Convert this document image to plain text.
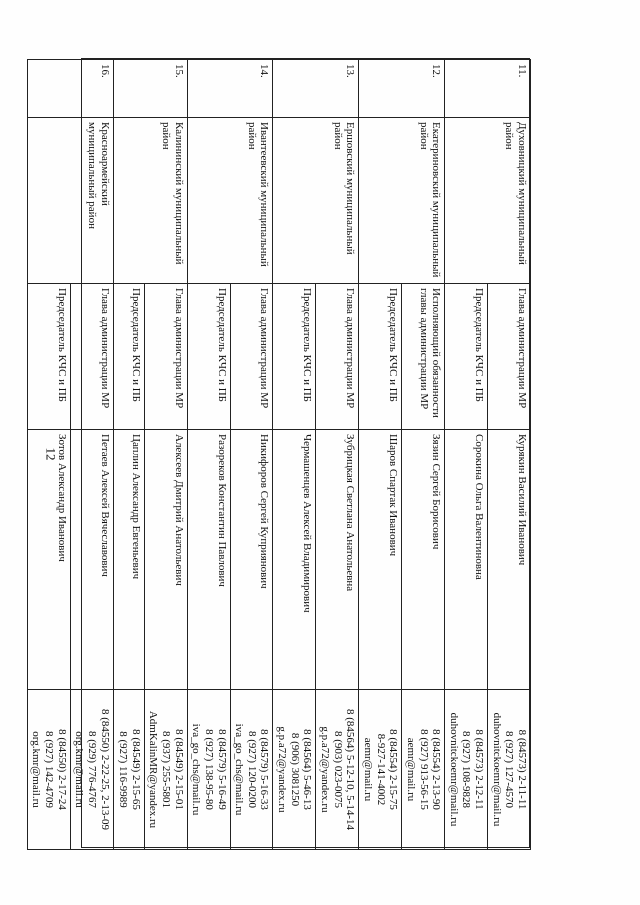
12
11.	Духовницкий муниципальный район	Глава администрации МР	Курякин Василий Иванович	8 (84573) 2-11-11
8 (927) 127-4570
duhovnitckoemr@mail.ru

		Председатель КЧС и ПБ	Сорокина Ольга Валентиновна	8 (84573) 2-12-11
8 (927) 108-9828
duhovnitckoemr@mail.ru

12.	Екатериновский муниципальный район	Исполняющий обязанности главы администрации МР	Зязин Сергей Борисович	8 (84554) 2-13-90
8 (927) 913-56-15
aemr@mail.ru

		Председатель КЧС и ПБ	Шаров Спартак Иванович	8 (84554) 2-15-75
8-927-141-4002
aemr@mail.ru

13.	Ершовский муниципальный район	Глава администрации МР	Зубрицкая Светлана Анатольевна	8 (84564) 5-12-10, 5-14-14
8 (903) 023-0075
g.p.a72@yandex.ru

		Председатель КЧС и ПБ	Чермашенцев Алексей Владимирович	8 (84564) 5-46-13
8 (906) 3081250
g.p.a72@yandex.ru

14.	Ивантеевский муниципальный район	Глава администрации МР	Никифоров Сергей Куприянович	8 (84579) 5-16-33
8 (927) 120-0200
iva_go_chs@mail.ru

		Председатель КЧС и ПБ	Разореков Константин Павлович	8 (84579) 5-16-49
8 (927) 138-95-80
iva_go_chs@mail.ru

15.	Калининский муниципальный район	Глава администрации МР	Алексеев Дмитрий Анатольевич	8 (84549) 2-15-01
8 (937) 255-5801
AdmKalinMR@yandex.ru

		Председатель КЧС и ПБ	Цаплин Александр Евгеньевич	8 (84549) 2-15-65
8 (927) 116-9989

16.	Красноармейский муниципальный район	Глава администрации МР	Петаев Алексей Вячеславович	8 (84550) 2-22-25, 2-13-09
8 (929) 776-4767
org.kmr@mail.ru

		Председатель КЧС и ПБ	Зотов Александр Иванович	8 (84550) 2-17-24
8 (927) 142-4709
org.kmr@mail.ru
